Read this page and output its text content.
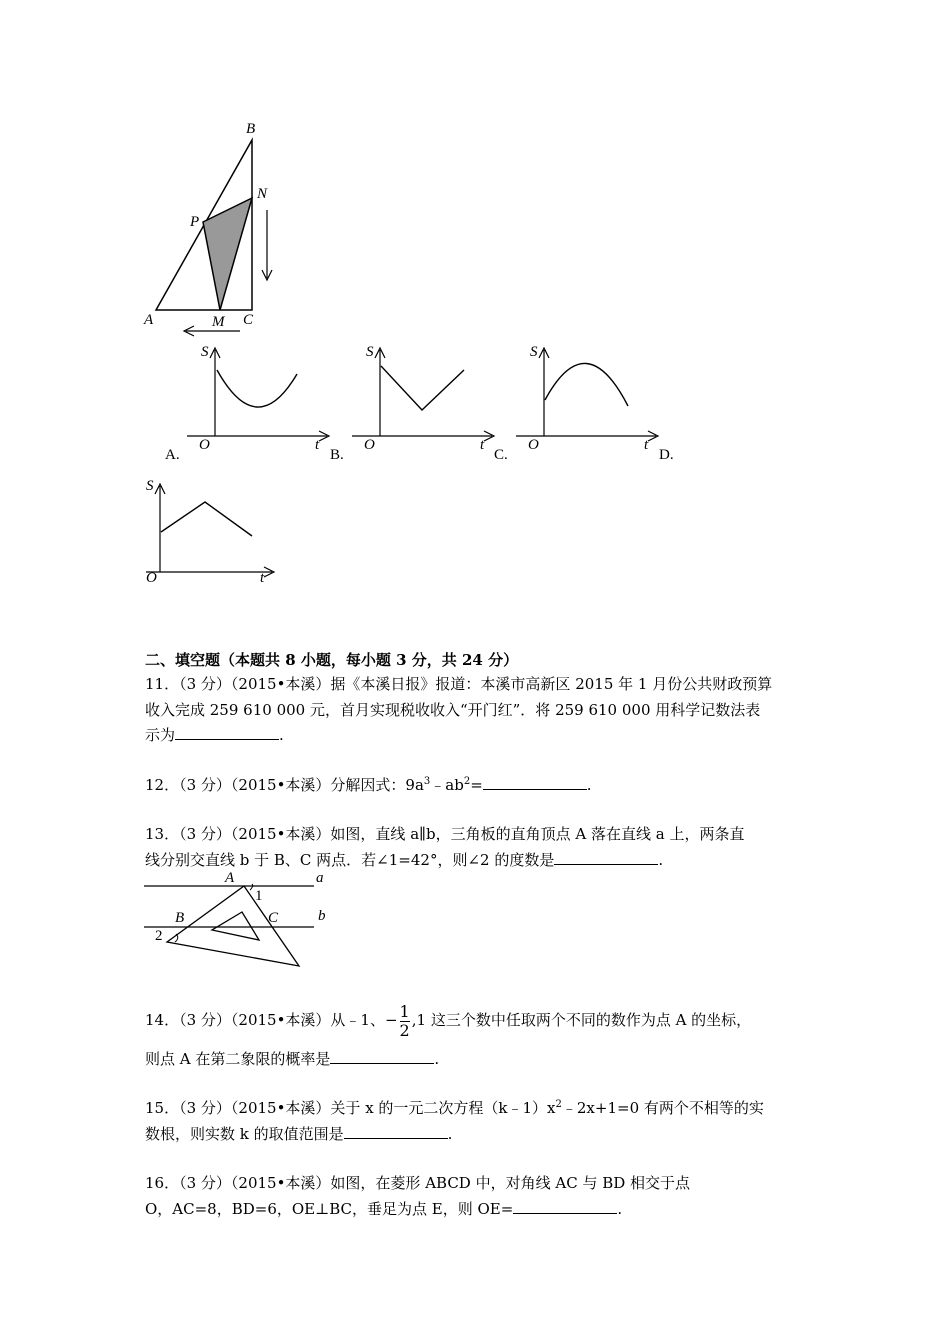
B
N
P
A	M C
S
O	t
A.
S
O	t
B.
S
O	t
C.	D.
S
O	t
二、填空题（本题共 8 小题，每小题 3 分，共 24 分）
11．（3 分）（2015•本溪）据《本溪日报》报道：本溪市高新区 2015 年 1 月份公共财政预算
收入完成 259 610 000 元，首月实现税收收入“开门红”．将 259 610 000 用科学记数法表
示为	.
12．（3 分）（2015•本溪）分解因式：$9a^3﹣ab^2=$	.
13．（3 分）（2015•本溪）如图，直线 a∥b，三角板的直角顶点 A 落在直线 a 上，两条直
线分别交直线 b 于 B、C 两点．若∠1=42°，则∠2 的度数是	.
A	a
1
B	C	b
2
14．（3 分）（2015•本溪）从﹣1、− $\frac{1}{2} ,1$ 这三个数中任取两个不同的数作为点 A 的坐标，
则点 A 在第二象限的概率是	.
15．（3 分）（2015•本溪）关于 x 的一元二次方程$(k﹣1)x^2﹣2x+1=0$ 有两个不相等的实
数根，则实数 k 的取值范围是	.
16．（3 分）（2015•本溪）如图，在菱形 ABCD 中，对角线 AC 与 BD 相交于点
O，AC=8，BD=6，OE⊥BC，垂足为点 E，则 OE=	.
